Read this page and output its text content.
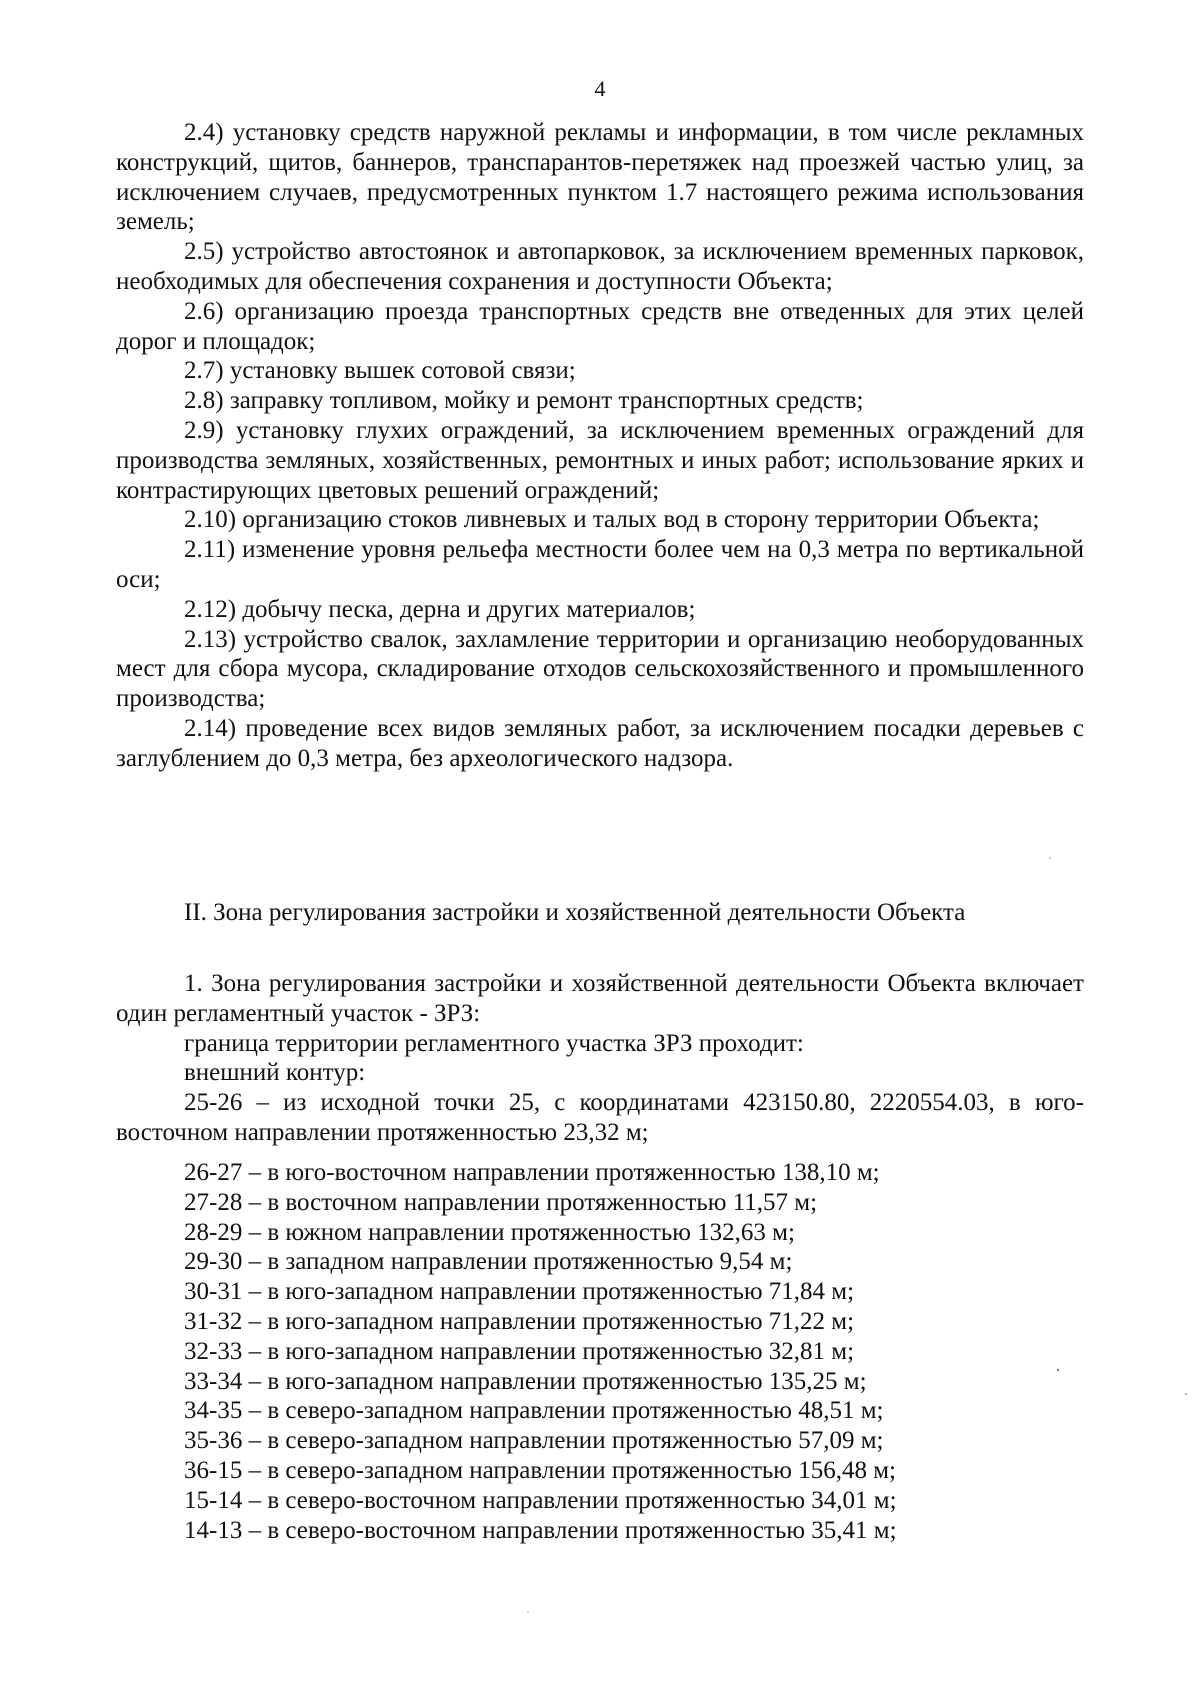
4

2.4) установку средств наружной рекламы и информации, в том числе рекламных конструкций, щитов, баннеров, транспарантов-перетяжек над проезжей частью улиц, за исключением случаев, предусмотренных пунктом 1.7 настоящего режима использования земель;

2.5) устройство автостоянок и автопарковок, за исключением временных парковок, необходимых для обеспечения сохранения и доступности Объекта;

2.6) организацию проезда транспортных средств вне отведенных для этих целей дорог и площадок;

2.7) установку вышек сотовой связи;

2.8) заправку топливом, мойку и ремонт транспортных средств;

2.9) установку глухих ограждений, за исключением временных ограждений для производства земляных, хозяйственных, ремонтных и иных работ; использование ярких и контрастирующих цветовых решений ограждений;

2.10) организацию стоков ливневых и талых вод в сторону территории Объекта;

2.11) изменение уровня рельефа местности более чем на 0,3 метра по вертикальной оси;

2.12) добычу песка, дерна и других материалов;

2.13) устройство свалок, захламление территории и организацию необорудованных мест для сбора мусора, складирование отходов сельскохозяйственного и промышленного производства;

2.14) проведение всех видов земляных работ, за исключением посадки деревьев с заглублением до 0,3 метра, без археологического надзора.

II. Зона регулирования застройки и хозяйственной деятельности Объекта

1. Зона регулирования застройки и хозяйственной деятельности Объекта включает один регламентный участок - ЗРЗ:

граница территории регламентного участка ЗРЗ проходит:

внешний контур:

25-26 – из исходной точки 25, с координатами 423150.80, 2220554.03, в юго-восточном направлении протяженностью 23,32 м;

26-27 – в юго-восточном направлении протяженностью 138,10 м;

27-28 – в восточном направлении протяженностью 11,57 м;

28-29 – в южном направлении протяженностью 132,63 м;

29-30 – в западном направлении протяженностью 9,54 м;

30-31 – в юго-западном направлении протяженностью 71,84 м;

31-32 – в юго-западном направлении протяженностью 71,22 м;

32-33 – в юго-западном направлении протяженностью 32,81 м;

33-34 – в юго-западном направлении протяженностью 135,25 м;

34-35 – в северо-западном направлении протяженностью 48,51 м;

35-36 – в северо-западном направлении протяженностью 57,09 м;

36-15 – в северо-западном направлении протяженностью 156,48 м;

15-14 – в северо-восточном направлении протяженностью 34,01 м;

14-13 – в северо-восточном направлении протяженностью 35,41 м;
